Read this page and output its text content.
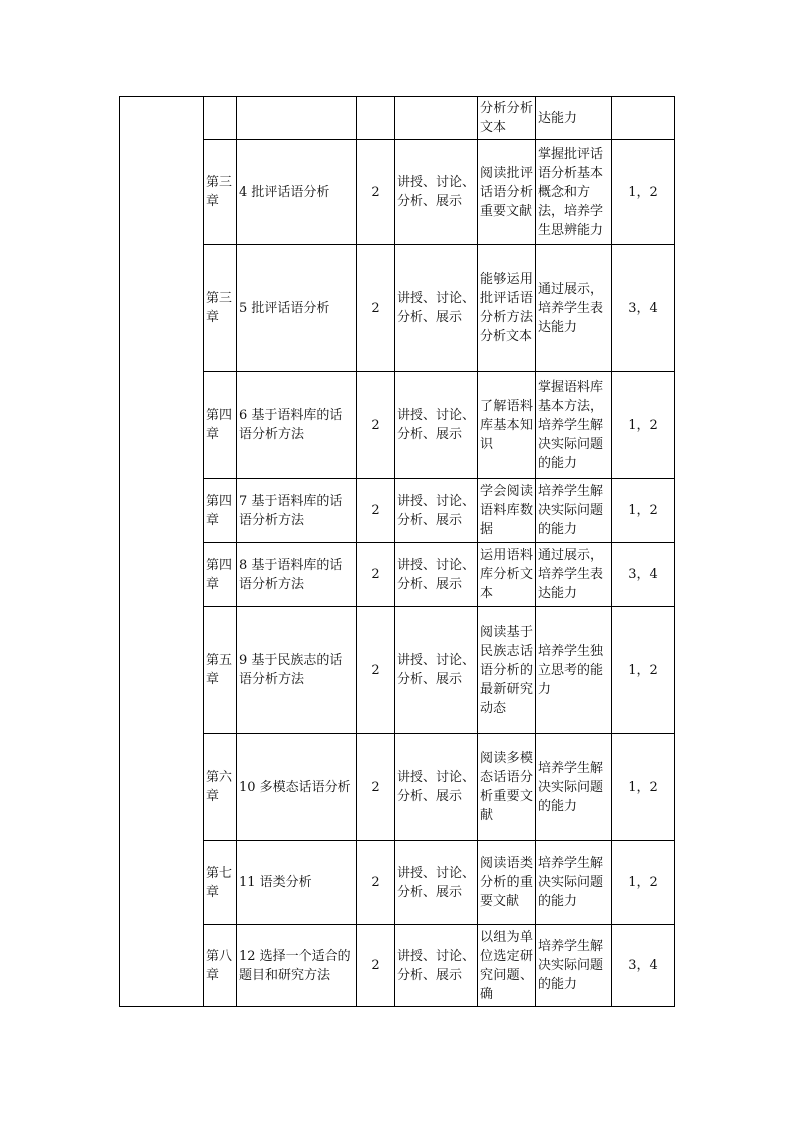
					分析分析文本	达能力	
	第三章	4 批评话语分析	2	讲授、讨论、分析、展示	阅读批评话语分析重要文献	掌握批评话语分析基本概念和方法，培养学生思辨能力	1，2
	第三章	5 批评话语分析	2	讲授、讨论、分析、展示	能够运用批评话语分析方法分析文本	通过展示，培养学生表达能力	3，4
	第四章	6 基于语料库的话语分析方法	2	讲授、讨论、分析、展示	了解语料库基本知识	掌握语料库基本方法，培养学生解决实际问题的能力	1，2
	第四章	7 基于语料库的话语分析方法	2	讲授、讨论、分析、展示	学会阅读语料库数据	培养学生解决实际问题的能力	1，2
	第四章	8 基于语料库的话语分析方法	2	讲授、讨论、分析、展示	运用语料库分析文本	通过展示，培养学生表达能力	3，4
	第五章	9 基于民族志的话语分析方法	2	讲授、讨论、分析、展示	阅读基于民族志话语分析的最新研究动态	培养学生独立思考的能力	1，2
	第六章	10 多模态话语分析	2	讲授、讨论、分析、展示	阅读多模态话语分析重要文献	培养学生解决实际问题的能力	1，2
	第七章	11 语类分析	2	讲授、讨论、分析、展示	阅读语类分析的重要文献	培养学生解决实际问题的能力	1，2
	第八章	12 选择一个适合的题目和研究方法	2	讲授、讨论、分析、展示	以组为单位选定研究问题、确	培养学生解决实际问题的能力	3，4
